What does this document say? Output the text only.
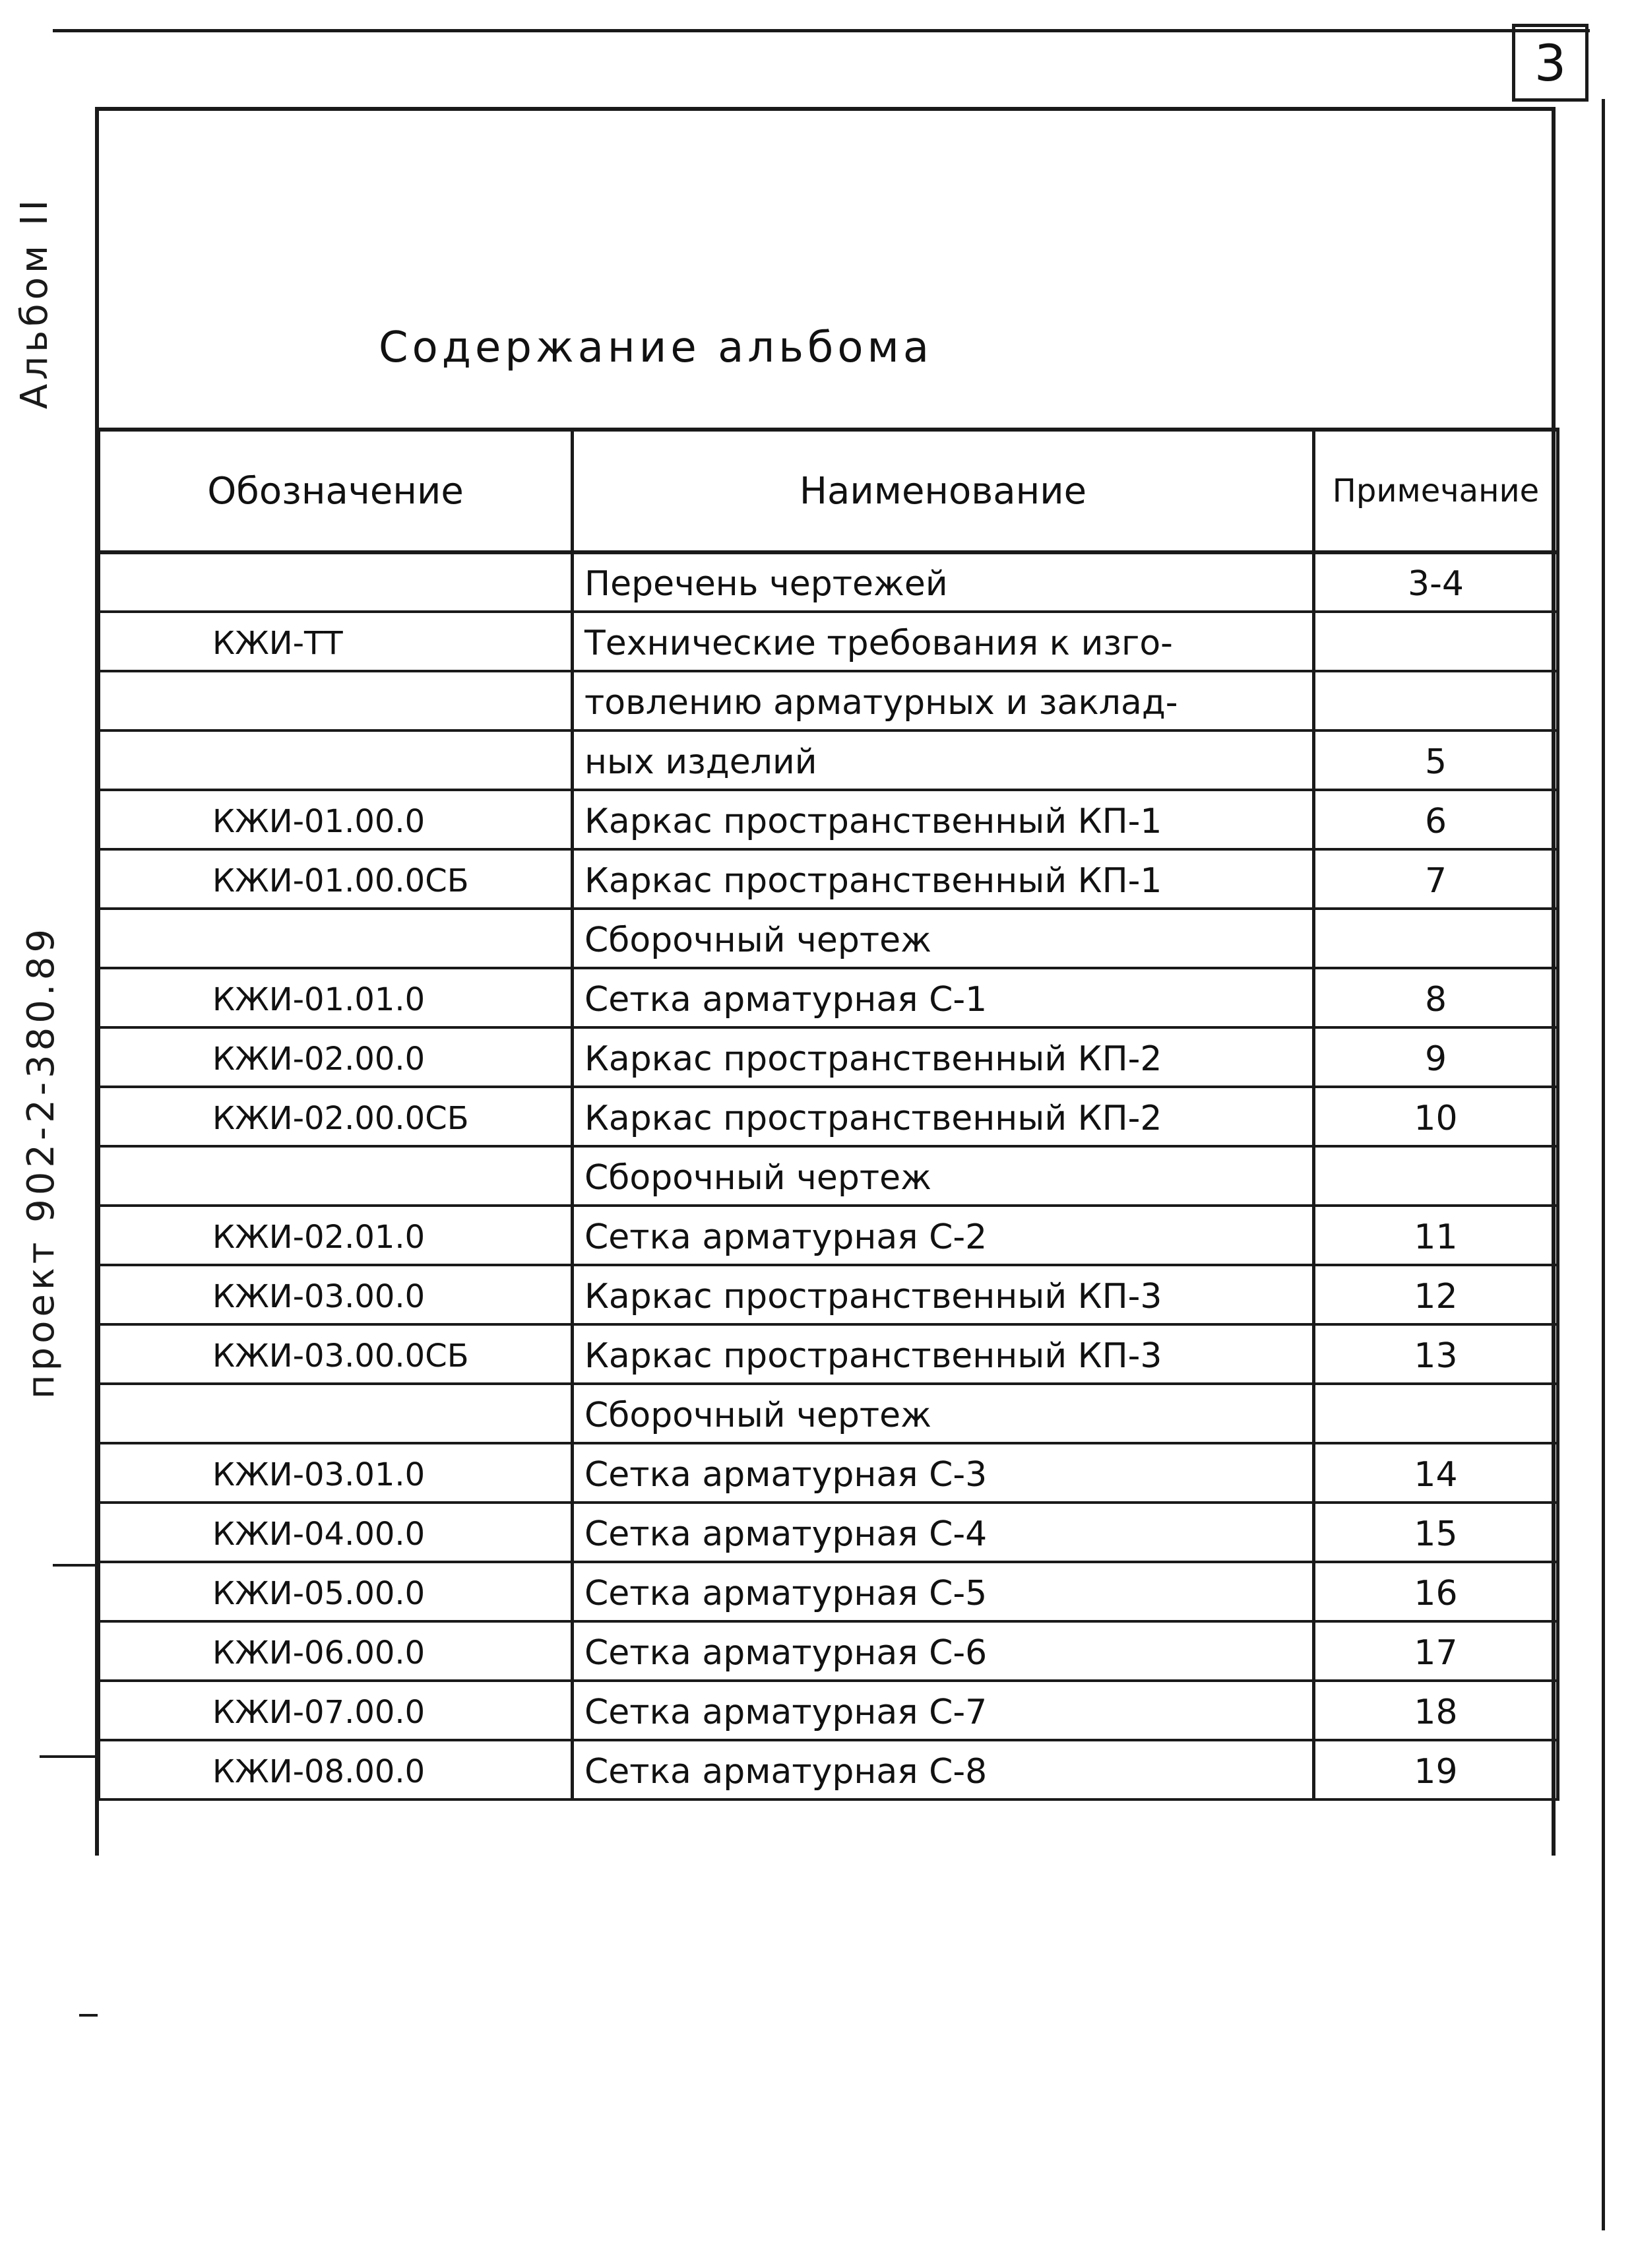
3
Альбом II
проект 902-2-380.89
Содержание альбома
Обозначение	Наименование	Примечание
	Перечень чертежей	3-4
КЖИ-ТТ	Технические требования к изго-	
	товлению арматурных и заклад-	
	ных изделий	5
КЖИ-01.00.0	Каркас пространственный КП-1	6
КЖИ-01.00.0СБ	Каркас пространственный КП-1	7
	Сборочный чертеж	
КЖИ-01.01.0	Сетка арматурная С-1	8
КЖИ-02.00.0	Каркас пространственный КП-2	9
КЖИ-02.00.0СБ	Каркас пространственный КП-2	10
	Сборочный чертеж	
КЖИ-02.01.0	Сетка арматурная С-2	11
КЖИ-03.00.0	Каркас пространственный КП-3	12
КЖИ-03.00.0СБ	Каркас пространственный КП-3	13
	Сборочный чертеж	
КЖИ-03.01.0	Сетка арматурная С-3	14
КЖИ-04.00.0	Сетка арматурная С-4	15
КЖИ-05.00.0	Сетка арматурная С-5	16
КЖИ-06.00.0	Сетка арматурная С-6	17
КЖИ-07.00.0	Сетка арматурная С-7	18
КЖИ-08.00.0	Сетка арматурная С-8	19
